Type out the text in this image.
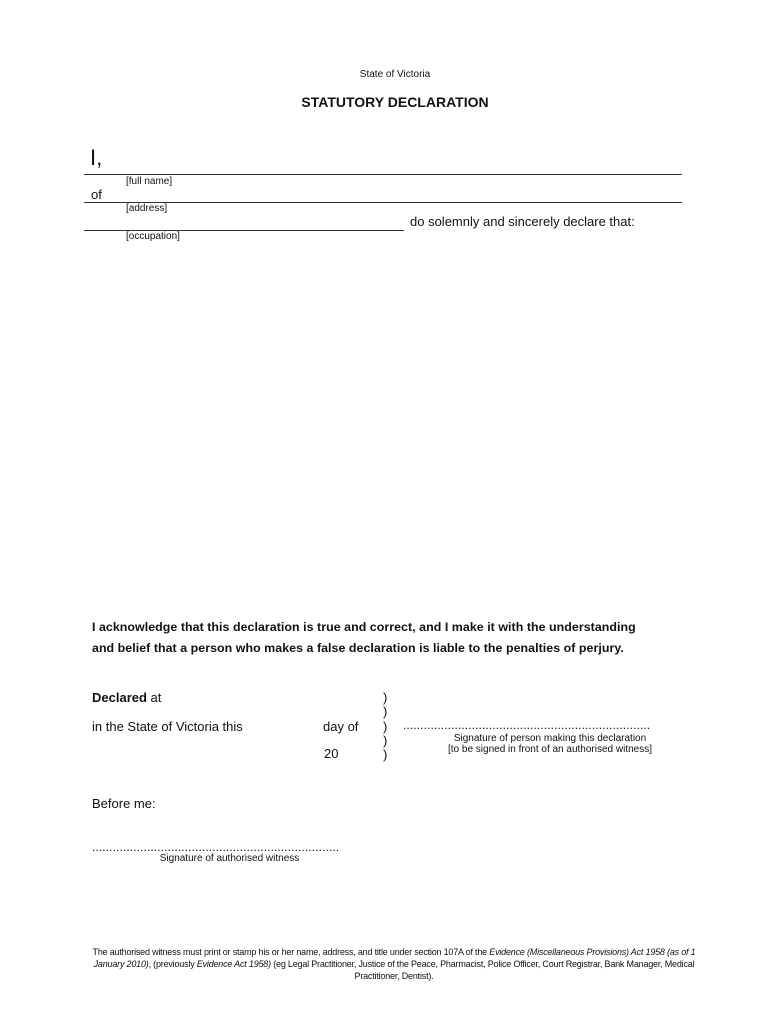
State of Victoria
STATUTORY DECLARATION
I,
[full name]
of
[address]
do solemnly and sincerely declare that:
[occupation]
I acknowledge that this declaration is true and correct, and I make it with the understanding
and belief that a person who makes a false declaration is liable to the penalties of perjury.
Declared at
in the State of Victoria this	day of
20
)
)
)
)
)
........................................................................
Signature of person making this declaration
[to be signed in front of an authorised witness]
Before me:
........................................................................
Signature of authorised witness
The authorised witness must print or stamp his or her name, address, and title under section 107A of the Evidence (Miscellaneous Provisions) Act 1958 (as of 1 January 2010), (previously Evidence Act 1958) (eg Legal Practitioner, Justice of the Peace, Pharmacist, Police Officer, Court Registrar, Bank Manager, Medical Practitioner, Dentist).
